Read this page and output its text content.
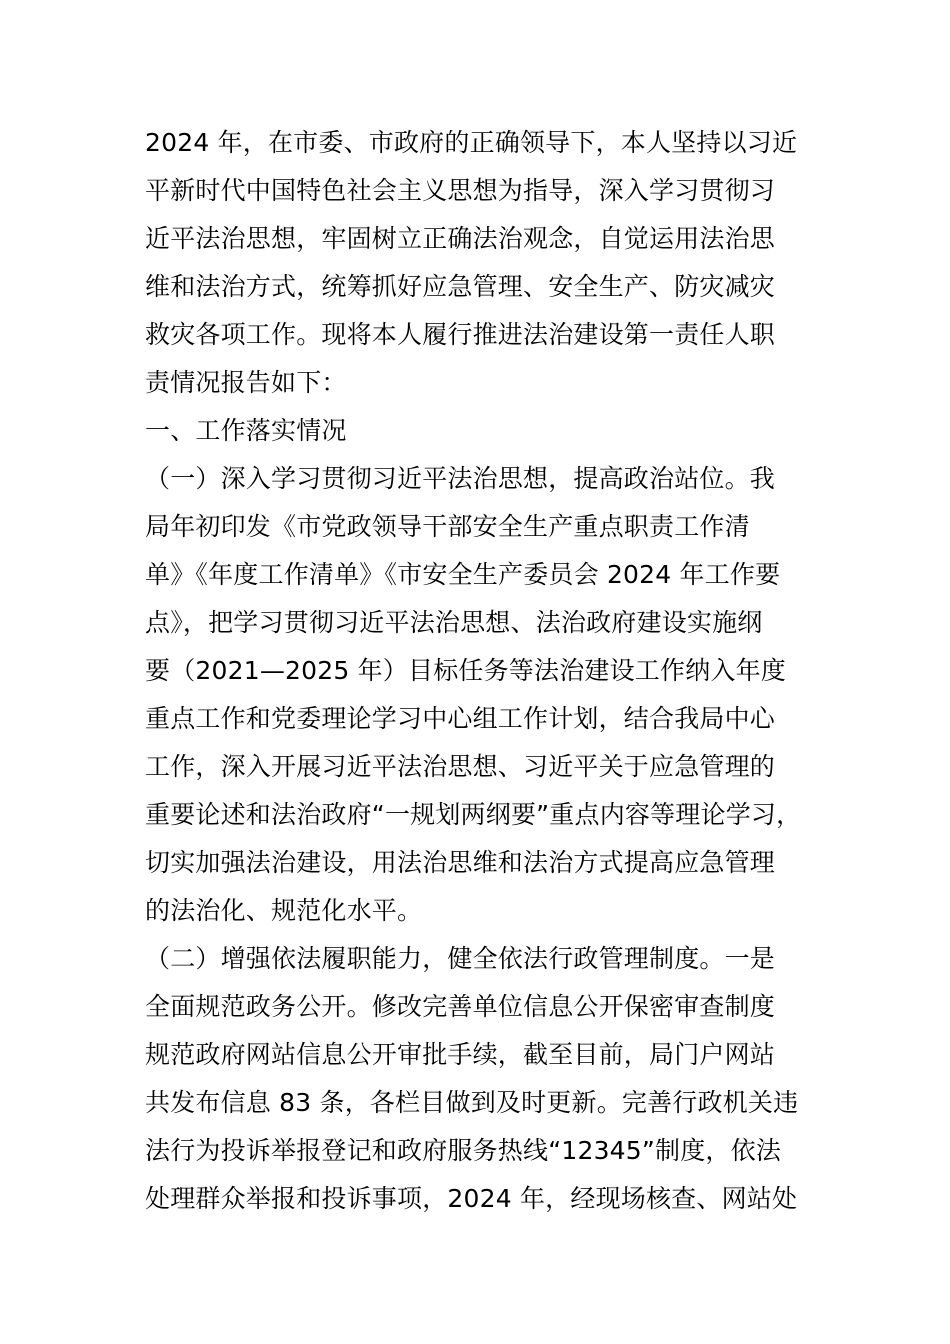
2024 年，在市委、市政府的正确领导下，本人坚持以习近
平新时代中国特色社会主义思想为指导，深入学习贯彻习
近平法治思想，牢固树立正确法治观念，自觉运用法治思
维和法治方式，统筹抓好应急管理、安全生产、防灾减灾
救灾各项工作。现将本人履行推进法治建设第一责任人职
责情况报告如下：
一、工作落实情况
（一）深入学习贯彻习近平法治思想，提高政治站位。我
局年初印发《市党政领导干部安全生产重点职责工作清
单》《年度工作清单》《市安全生产委员会 2024 年工作要
点》，把学习贯彻习近平法治思想、法治政府建设实施纲
要（2021—2025 年）目标任务等法治建设工作纳入年度
重点工作和党委理论学习中心组工作计划，结合我局中心
工作，深入开展习近平法治思想、习近平关于应急管理的
重要论述和法治政府“一规划两纲要”重点内容等理论学习，
切实加强法治建设，用法治思维和法治方式提高应急管理
的法治化、规范化水平。
（二）增强依法履职能力，健全依法行政管理制度。一是
全面规范政务公开。修改完善单位信息公开保密审查制度
规范政府网站信息公开审批手续，截至目前，局门户网站
共发布信息 83 条，各栏目做到及时更新。完善行政机关违
法行为投诉举报登记和政府服务热线“12345”制度，依法
处理群众举报和投诉事项，2024 年，经现场核查、网站处
